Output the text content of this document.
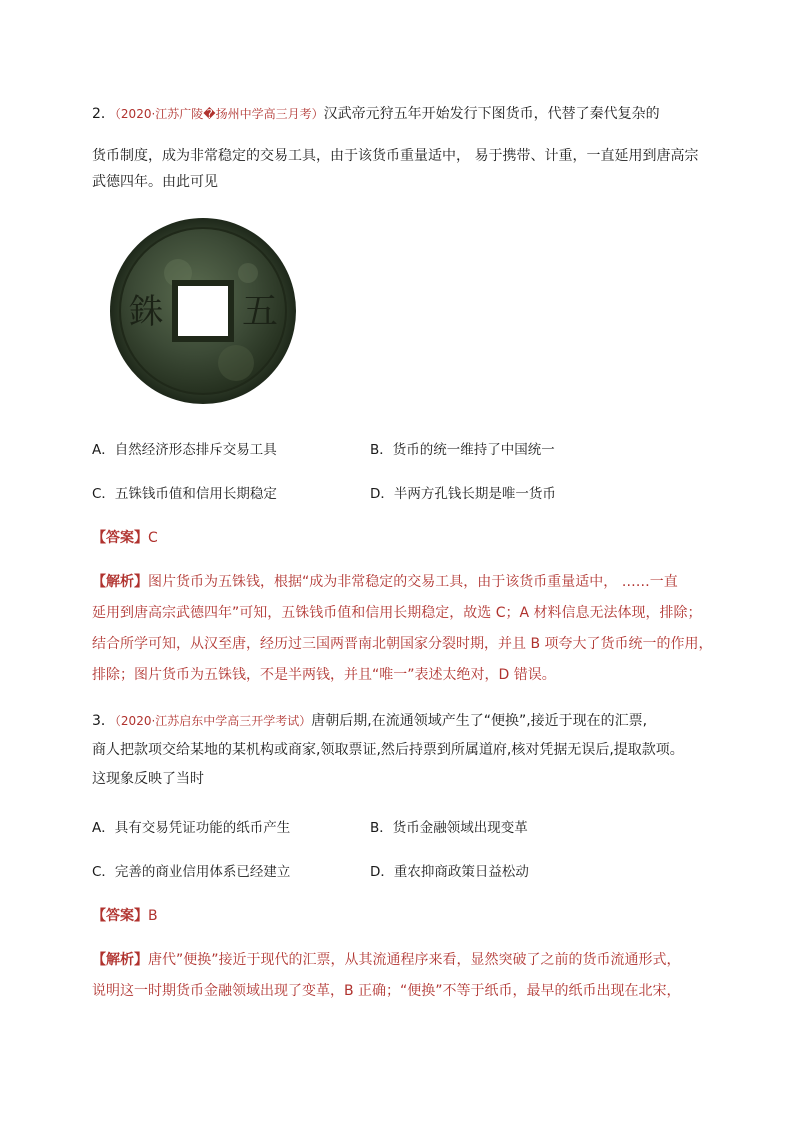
2．（2020·江苏广陵�扬州中学高三月考）汉武帝元狩五年开始发行下图货币，代替了秦代复杂的
货币制度，成为非常稳定的交易工具，由于该货币重量适中， 易于携带、计重，一直延用到唐高宗
武德四年。由此可见
銖 五
A．自然经济形态排斥交易工具	B．货币的统一维持了中国统一
C．五铢钱币值和信用长期稳定	D．半两方孔钱长期是唯一货币
【答案】C
【解析】图片货币为五铢钱，根据“成为非常稳定的交易工具，由于该货币重量适中， ……一直
延用到唐高宗武德四年”可知，五铢钱币值和信用长期稳定，故选 C；A 材料信息无法体现，排除；
结合所学可知，从汉至唐，经历过三国两晋南北朝国家分裂时期，并且 B 项夸大了货币统一的作用，
排除；图片货币为五铢钱，不是半两钱，并且“唯一”表述太绝对，D 错误。
3．（2020·江苏启东中学高三开学考试）唐朝后期,在流通领域产生了“便换”,接近于现在的汇票,
商人把款项交给某地的某机构或商家,领取票证,然后持票到所属道府,核对凭据无误后,提取款项。
这现象反映了当时
A．具有交易凭证功能的纸币产生	B．货币金融领域出现变革
C．完善的商业信用体系已经建立	D．重农抑商政策日益松动
【答案】B
【解析】唐代”便换”接近于现代的汇票，从其流通程序来看，显然突破了之前的货币流通形式，
说明这一时期货币金融领域出现了变革，B 正确；“便换”不等于纸币，最早的纸币出现在北宋，
